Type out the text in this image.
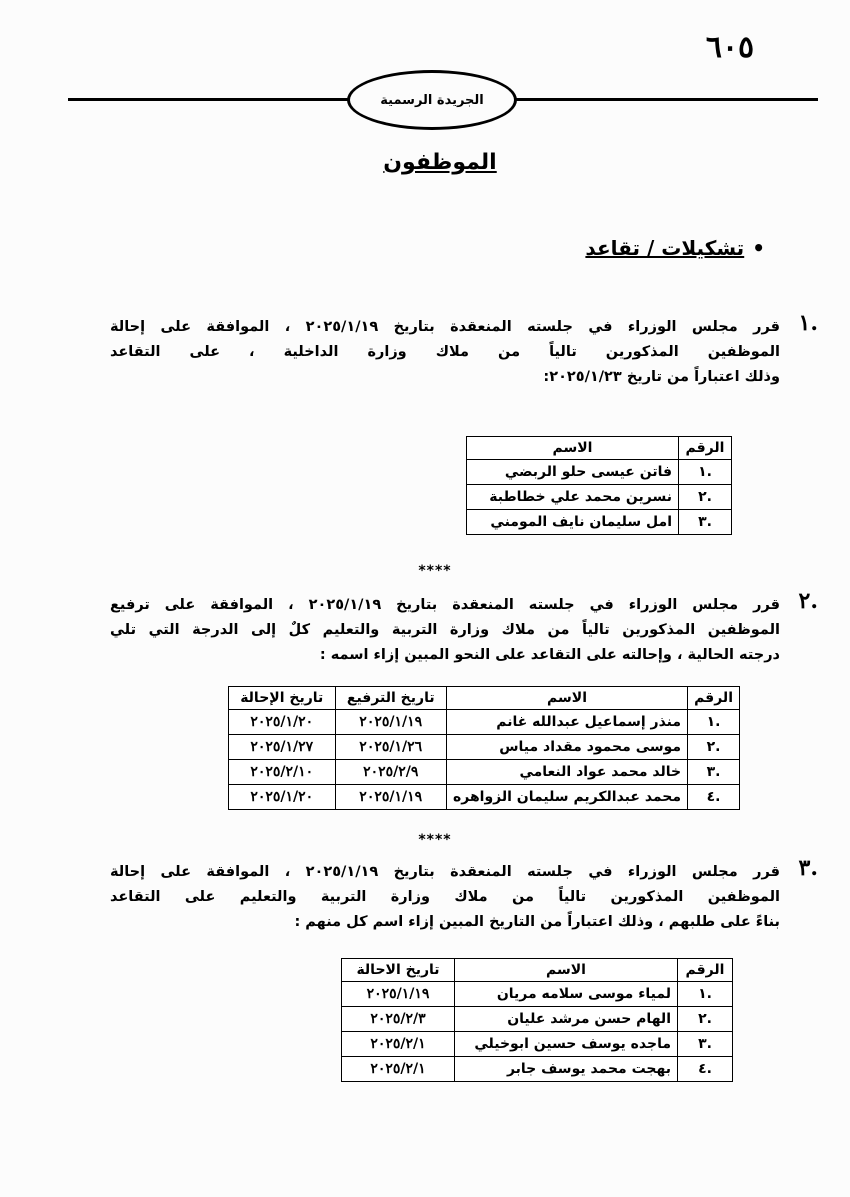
٦٠٥
الجريدة الرسمية
الموظفون
•تشكيلات / تقاعد
.١
قرر مجلس الوزراء في جلسته المنعقدة بتاريخ ٢٠٢٥/١/١٩ ، الموافقة على إحالة
الموظفين المذكورين تالياً من ملاك وزارة الداخلية ، على التقاعد
وذلك اعتباراً من تاريخ ٢٠٢٥/١/٢٣:
الرقم	الاسم
.١	فاتن عيسى حلو الربضي
.٢	نسرين محمد علي خطاطبة
.٣	امل سليمان نايف المومني
****
.٢
قرر مجلس الوزراء في جلسته المنعقدة بتاريخ ٢٠٢٥/١/١٩ ، الموافقة على ترفيع
الموظفين المذكورين تالياً من ملاك وزارة التربية والتعليم كلٌ إلى الدرجة التي تلي
درجته الحالية ، وإحالته على التقاعد على النحو المبين إزاء اسمه :
الرقم	الاسم	تاريخ الترفيع	تاريخ الإحالة
.١	منذر إسماعيل عبدالله غانم	٢٠٢٥/١/١٩	٢٠٢٥/١/٢٠
.٢	موسى محمود مقداد مياس	٢٠٢٥/١/٢٦	٢٠٢٥/١/٢٧
.٣	خالد محمد عواد النعامي	٢٠٢٥/٢/٩	٢٠٢٥/٢/١٠
.٤	محمد عبدالكريم سليمان الزواهره	٢٠٢٥/١/١٩	٢٠٢٥/١/٢٠
****
.٣
قرر مجلس الوزراء في جلسته المنعقدة بتاريخ ٢٠٢٥/١/١٩ ، الموافقة على إحالة
الموظفين المذكورين تالياً من ملاك وزارة التربية والتعليم على التقاعد
بناءً على طلبهم ، وذلك اعتباراً من التاريخ المبين إزاء اسم كل منهم :
الرقم	الاسم	تاريخ الاحالة
.١	لمياء موسى سلامه مريان	٢٠٢٥/١/١٩
.٢	الهام حسن مرشد عليان	٢٠٢٥/٢/٣
.٣	ماجده يوسف حسين ابوخيلي	٢٠٢٥/٢/١
.٤	بهجت محمد يوسف جابر	٢٠٢٥/٢/١
